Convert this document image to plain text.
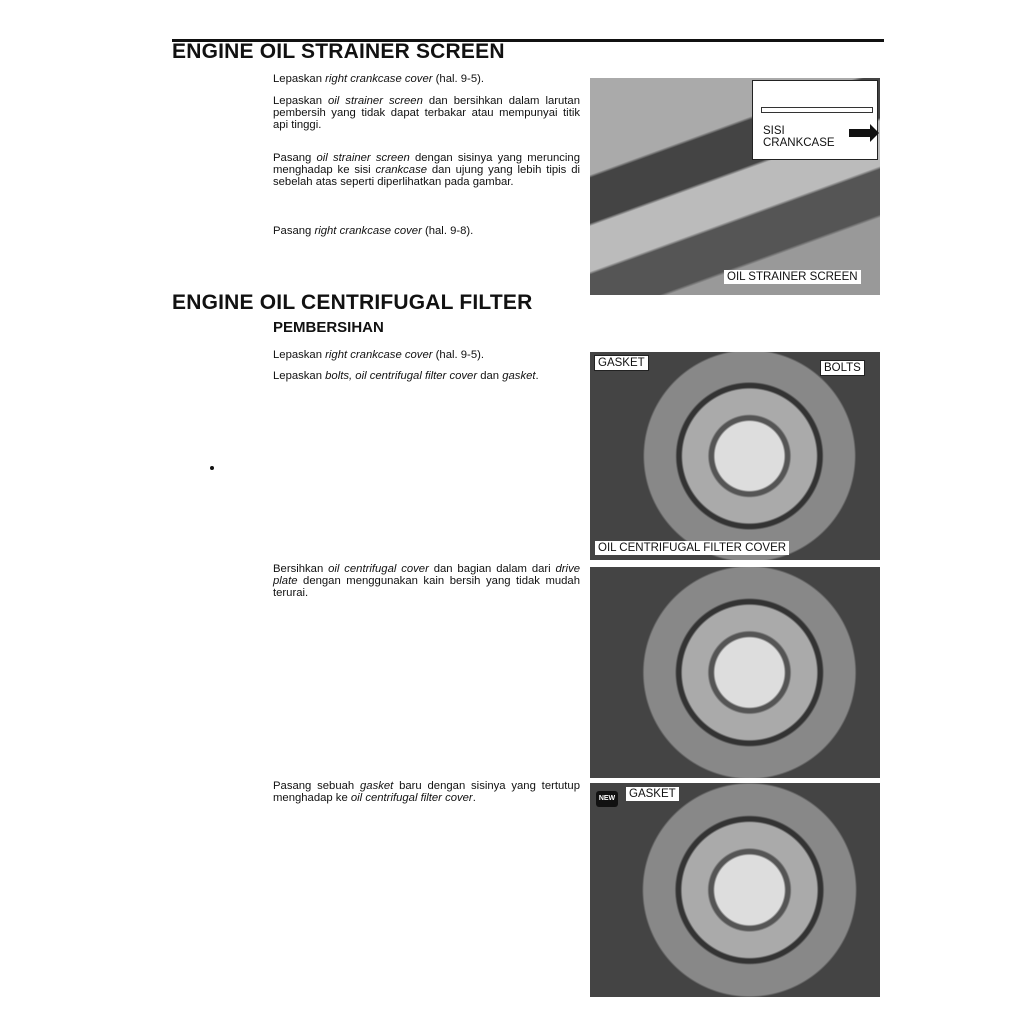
ENGINE OIL STRAINER SCREEN

Lepaskan right crankcase cover (hal. 9-5).

Lepaskan oil strainer screen dan bersihkan dalam larutan pembersih yang tidak dapat terbakar atau mempunyai titik api tinggi.

Pasang oil strainer screen dengan sisinya yang meruncing menghadap ke sisi crankcase dan ujung yang lebih tipis di sebelah atas seperti diperlihatkan pada gambar.

Pasang right crankcase cover (hal. 9-8).

SISI
CRANKCASE
OIL STRAINER SCREEN
ENGINE OIL CENTRIFUGAL FILTER
PEMBERSIHAN

Lepaskan right crankcase cover (hal. 9-5).

Lepaskan bolts, oil centrifugal filter cover dan gasket.

GASKET	BOLTS
OIL CENTRIFUGAL FILTER COVER

Bersihkan oil centrifugal cover dan bagian dalam dari drive plate dengan menggunakan kain bersih yang tidak mudah terurai.

Pasang sebuah gasket baru dengan sisinya yang tertutup menghadap ke oil centrifugal filter cover.	NEW GASKET
